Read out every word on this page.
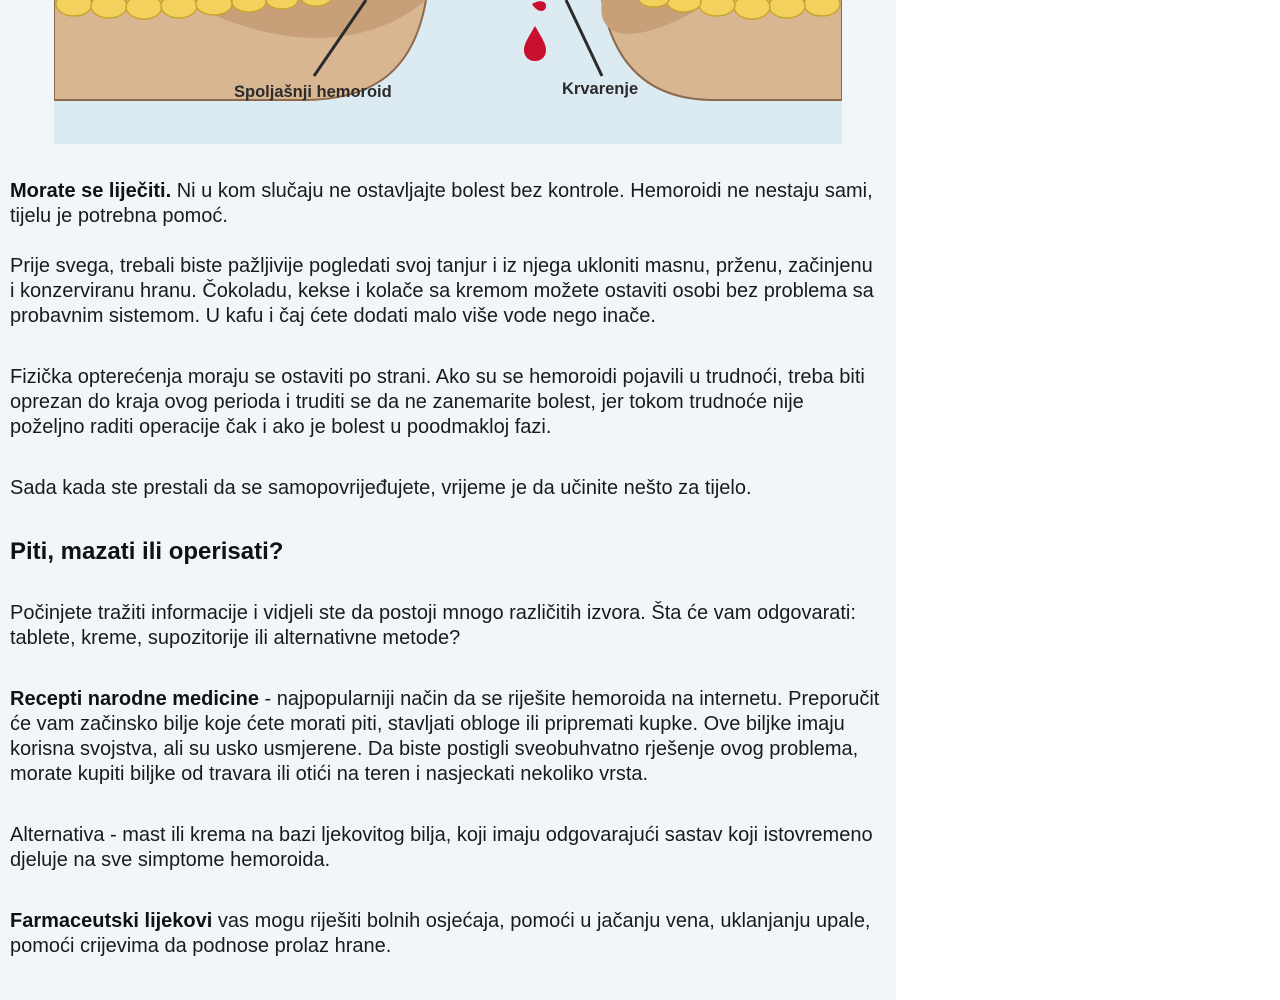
Spoljašnji hemoroid	Krvarenje

Morate se liječiti. Ni u kom slučaju ne ostavljajte bolest bez kontrole. Hemoroidi ne nestaju sami, tijelu je potrebna pomoć.

Prije svega, trebali biste pažljivije pogledati svoj tanjur i iz njega ukloniti masnu, prženu, začinjenu i konzerviranu hranu. Čokoladu, kekse i kolače sa kremom možete ostaviti osobi bez problema sa probavnim sistemom. U kafu i čaj ćete dodati malo više vode nego inače.

Fizička opterećenja moraju se ostaviti po strani. Ako su se hemoroidi pojavili u trudnoći, treba biti oprezan do kraja ovog perioda i truditi se da ne zanemarite bolest, jer tokom trudnoće nije poželjno raditi operacije čak i ako je bolest u poodmakloj fazi.

Sada kada ste prestali da se samopovrijeđujete, vrijeme je da učinite nešto za tijelo.

Piti, mazati ili operisati?

Počinjete tražiti informacije i vidjeli ste da postoji mnogo različitih izvora. Šta će vam odgovarati: tablete, kreme, supozitorije ili alternativne metode?

Recepti narodne medicine - najpopularniji način da se riješite hemoroida na internetu. Preporučit će vam začinsko bilje koje ćete morati piti, stavljati obloge ili pripremati kupke. Ove biljke imaju korisna svojstva, ali su usko usmjerene. Da biste postigli sveobuhvatno rješenje ovog problema, morate kupiti biljke od travara ili otići na teren i nasjeckati nekoliko vrsta.

Alternativa - mast ili krema na bazi ljekovitog bilja, koji imaju odgovarajući sastav koji istovremeno djeluje na sve simptome hemoroida.

Farmaceutski lijekovi vas mogu riješiti bolnih osjećaja, pomoći u jačanju vena, uklanjanju upale, pomoći crijevima da podnose prolaz hrane.
